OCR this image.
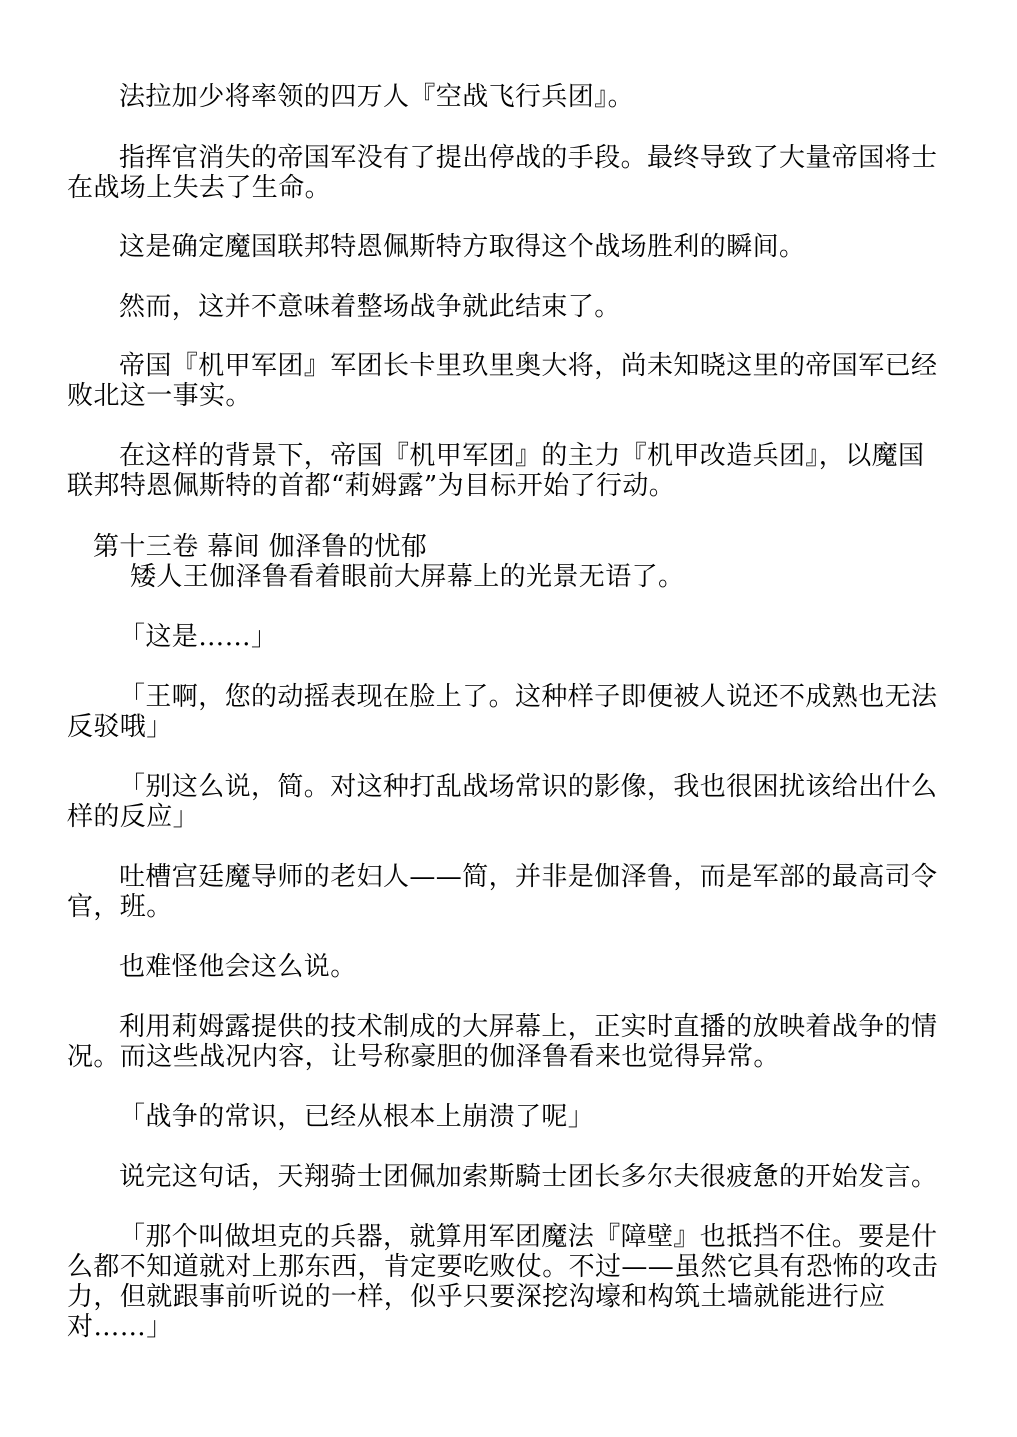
法拉加少将率领的四万人『空战飞行兵团』。
指挥官消失的帝国军没有了提出停战的手段。最终导致了大量帝国将士
在战场上失去了生命。
这是确定魔国联邦特恩佩斯特方取得这个战场胜利的瞬间。
然而，这并不意味着整场战争就此结束了。
帝国『机甲军团』军团长卡里玖里奥大将，尚未知晓这里的帝国军已经
败北这一事实。
在这样的背景下，帝国『机甲军团』的主力『机甲改造兵团』，以魔国
联邦特恩佩斯特的首都“莉姆露”为目标开始了行动。
第十三卷 幕间 伽泽鲁的忧郁
矮人王伽泽鲁看着眼前大屏幕上的光景无语了。
「这是……」
「王啊，您的动摇表现在脸上了。这种样子即便被人说还不成熟也无法
反驳哦」
「别这么说，简。对这种打乱战场常识的影像，我也很困扰该给出什么
样的反应」
吐槽宫廷魔导师的老妇人——简，并非是伽泽鲁，而是军部的最高司令
官，班。
也难怪他会这么说。
利用莉姆露提供的技术制成的大屏幕上，正实时直播的放映着战争的情
况。而这些战况内容，让号称豪胆的伽泽鲁看来也觉得异常。
「战争的常识，已经从根本上崩溃了呢」
说完这句话，天翔骑士团佩加索斯騎士团长多尔夫很疲惫的开始发言。
「那个叫做坦克的兵器，就算用军团魔法『障壁』也抵挡不住。要是什
么都不知道就对上那东西，肯定要吃败仗。不过——虽然它具有恐怖的攻击
力，但就跟事前听说的一样，似乎只要深挖沟壕和构筑土墙就能进行应
对……」
